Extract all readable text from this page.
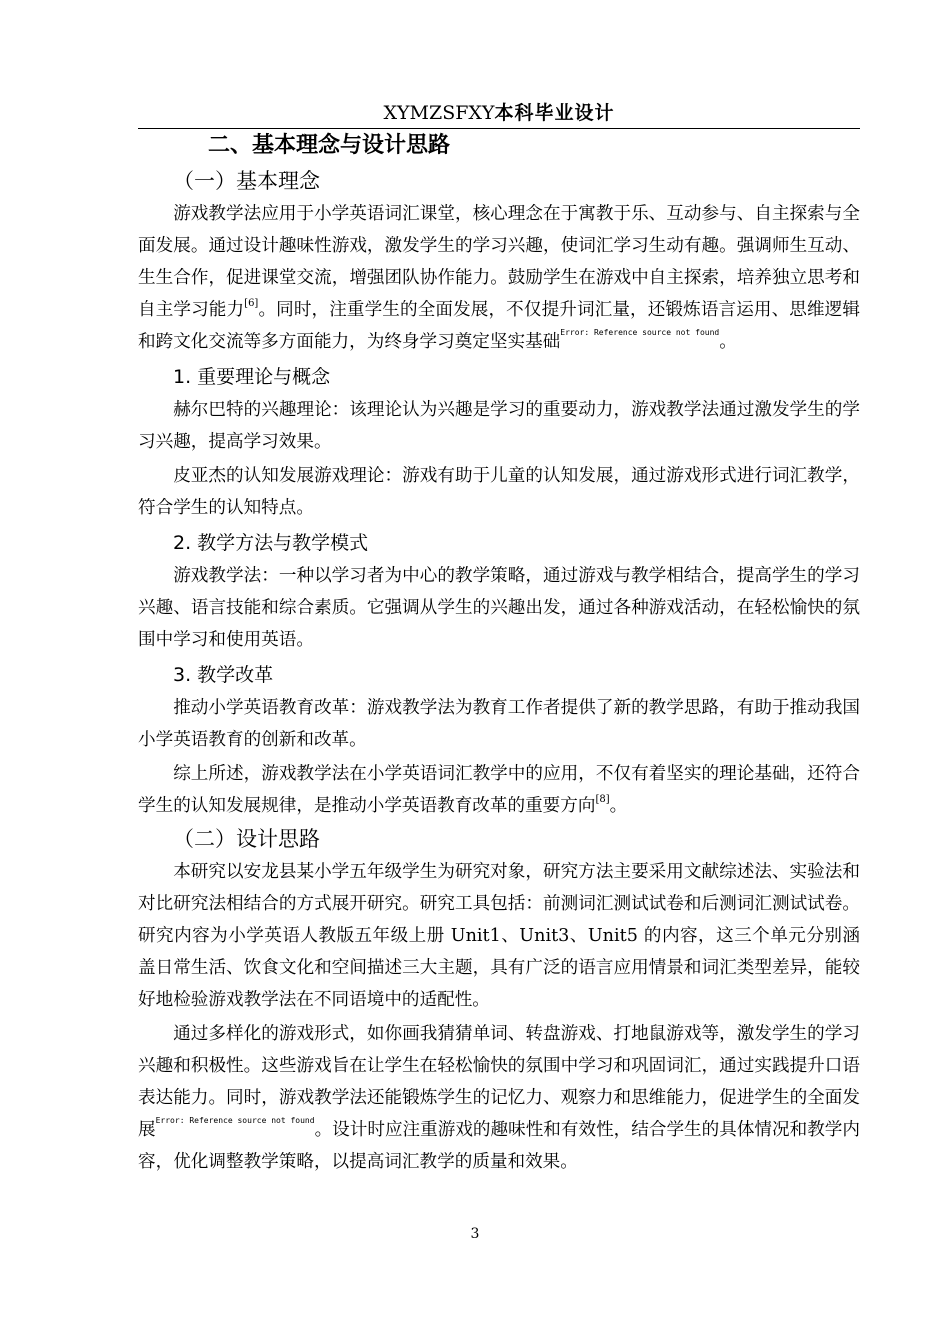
XYMZSFXY本科毕业设计
二、基本理念与设计思路
（一）基本理念

游戏教学法应用于小学英语词汇课堂，核心理念在于寓教于乐、互动参与、自主探索与全面发展。通过设计趣味性游戏，激发学生的学习兴趣，使词汇学习生动有趣。强调师生互动、生生合作，促进课堂交流，增强团队协作能力。鼓励学生在游戏中自主探索，培养独立思考和自主学习能力[6]。同时，注重学生的全面发展，不仅提升词汇量，还锻炼语言运用、思维逻辑和跨文化交流等多方面能力，为终身学习奠定坚实基础$^{Error: Reference source not found}$。

1. 重要理论与概念

赫尔巴特的兴趣理论：该理论认为兴趣是学习的重要动力，游戏教学法通过激发学生的学习兴趣，提高学习效果。

皮亚杰的认知发展游戏理论：游戏有助于儿童的认知发展，通过游戏形式进行词汇教学，符合学生的认知特点。

2. 教学方法与教学模式

游戏教学法：一种以学习者为中心的教学策略，通过游戏与教学相结合，提高学生的学习兴趣、语言技能和综合素质。它强调从学生的兴趣出发，通过各种游戏活动，在轻松愉快的氛围中学习和使用英语。

3. 教学改革

推动小学英语教育改革：游戏教学法为教育工作者提供了新的教学思路，有助于推动我国小学英语教育的创新和改革。

综上所述，游戏教学法在小学英语词汇教学中的应用，不仅有着坚实的理论基础，还符合学生的认知发展规律，是推动小学英语教育改革的重要方向[8]。

（二）设计思路

本研究以安龙县某小学五年级学生为研究对象，研究方法主要采用文献综述法、实验法和对比研究法相结合的方式展开研究。研究工具包括：前测词汇测试试卷和后测词汇测试试卷。研究内容为小学英语人教版五年级上册 Unit1、Unit3、Unit5 的内容，这三个单元分别涵盖日常生活、饮食文化和空间描述三大主题，具有广泛的语言应用情景和词汇类型差异，能较好地检验游戏教学法在不同语境中的适配性。

通过多样化的游戏形式，如你画我猜猜单词、转盘游戏、打地鼠游戏等，激发学生的学习兴趣和积极性。这些游戏旨在让学生在轻松愉快的氛围中学习和巩固词汇，通过实践提升口语表达能力。同时，游戏教学法还能锻炼学生的记忆力、观察力和思维能力，促进学生的全面发展$^{Error: Reference source not found}$。设计时应注重游戏的趣味性和有效性，结合学生的具体情况和教学内容，优化调整教学策略，以提高词汇教学的质量和效果。

3
